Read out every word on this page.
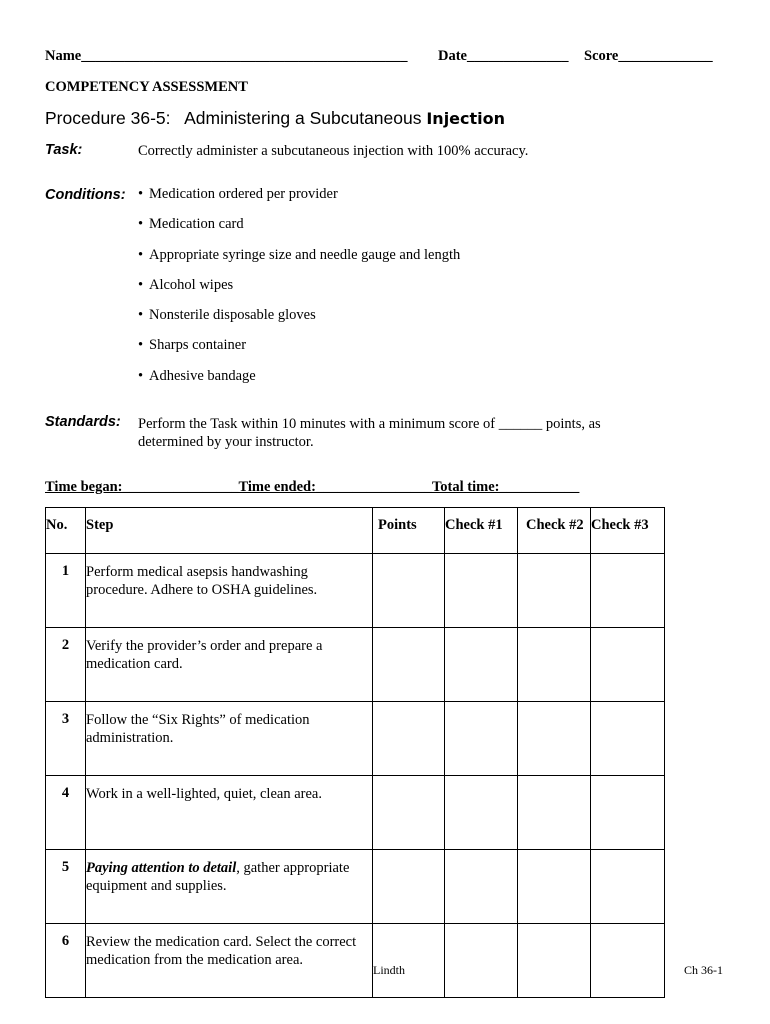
Name_____________________________________________ Date______________ Score_____________
COMPETENCY ASSESSMENT
Procedure 36-5:   Administering a Subcutaneous Injection
Task:	Correctly administer a subcutaneous injection with 100% accuracy.
Conditions: • Medication ordered per provider
• Medication card
• Appropriate syringe size and needle gauge and length
• Alcohol wipes
• Nonsterile disposable gloves
• Sharps container
• Adhesive bandage
Standards: Perform the Task within 10 minutes with a minimum score of ______ points, as
determined by your instructor.
Time began:________________Time ended:________________Total time:___________
No.	Step	Points	Check #1	Check #2	Check #3
1	Perform medical asepsis handwashing procedure. Adhere to OSHA guidelines.				
2	Verify the provider’s order and prepare a medication card.				
3	Follow the “Six Rights” of medication administration.				
4	Work in a well-lighted, quiet, clean area.				
5	Paying attention to detail, gather appropriate equipment and supplies.				
6	Review the medication card. Select the correct medication from the medication area.				
Lindth	Ch 36-1
